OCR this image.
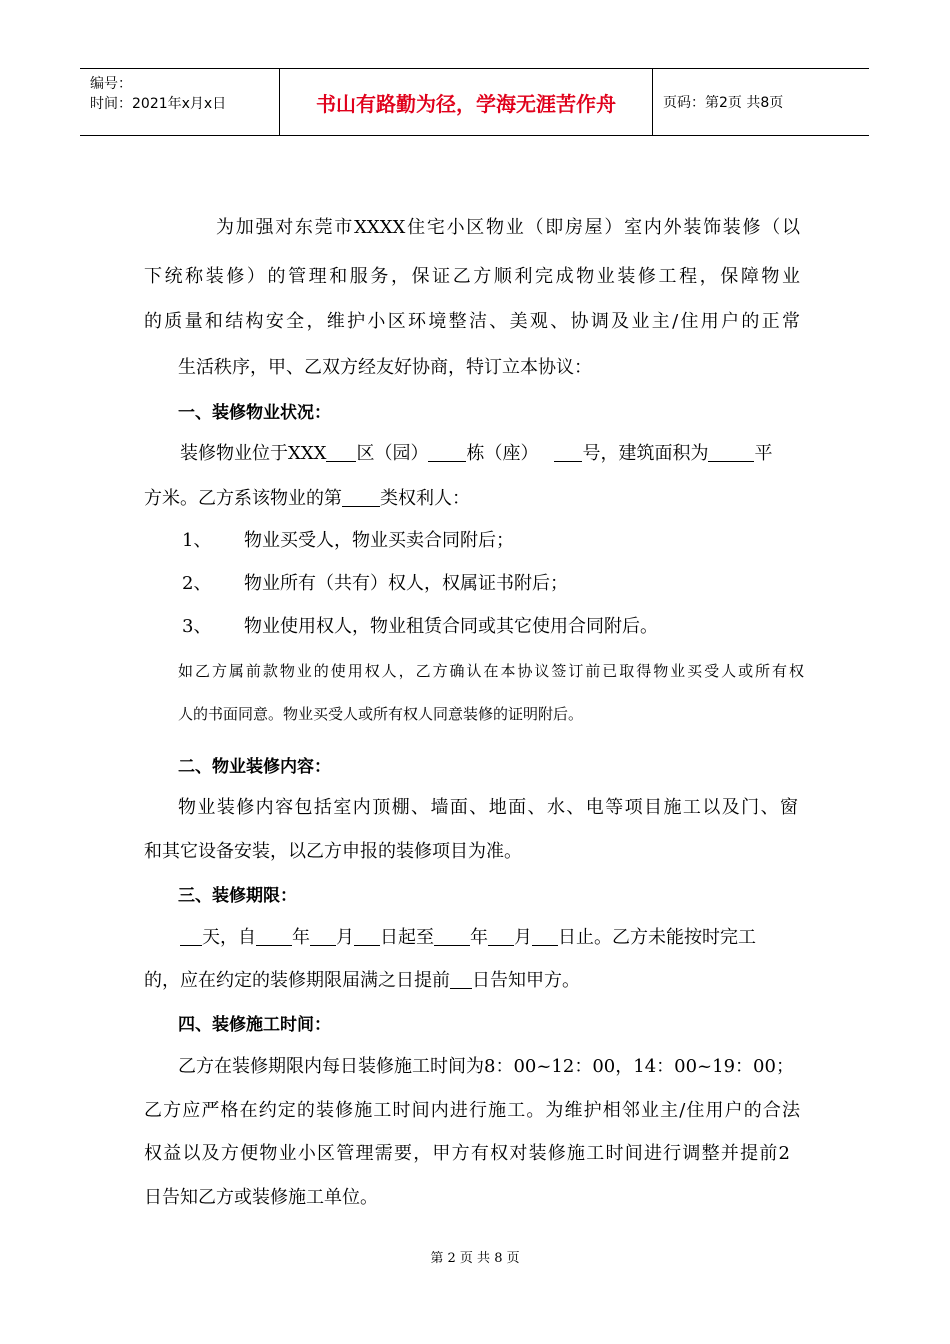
编号：
时间：2021年x月x日	书山有路勤为径，学海无涯苦作舟	页码：第2页 共8页

为加强对东莞市XXXX住宅小区物业（即房屋）室内外装饰装修（以

下统称装修）的管理和服务，保证乙方顺利完成物业装修工程，保障物业

的质量和结构安全，维护小区环境整洁、美观、协调及业主/住用户的正常

生活秩序，甲、乙双方经友好协商，特订立本协议：

一、装修物业状况：

装修物业位于XXX 区（园） 栋（座） 号，建筑面积为	平

方米。乙方系该物业的第 类权利人：

1、 物业买受人，物业买卖合同附后；

2、 物业所有（共有）权人，权属证书附后；

3、 物业使用权人，物业租赁合同或其它使用合同附后。

如乙方属前款物业的使用权人，乙方确认在本协议签订前已取得物业买受人或所有权

人的书面同意。物业买受人或所有权人同意装修的证明附后。

二、物业装修内容：

物业装修内容包括室内顶棚、墙面、地面、水、电等项目施工以及门、窗

和其它设备安装，以乙方申报的装修项目为准。

三、装修期限：

天，自 年 月 日起至 年 月 日止。乙方未能按时完工

的，应在约定的装修期限届满之日提前 日告知甲方。

四、装修施工时间：

乙方在装修期限内每日装修施工时间为8：00~12：00，14：00~19：00；

乙方应严格在约定的装修施工时间内进行施工。为维护相邻业主/住用户的合法

权益以及方便物业小区管理需要，甲方有权对装修施工时间进行调整并提前2

日告知乙方或装修施工单位。

第 2 页 共 8 页
